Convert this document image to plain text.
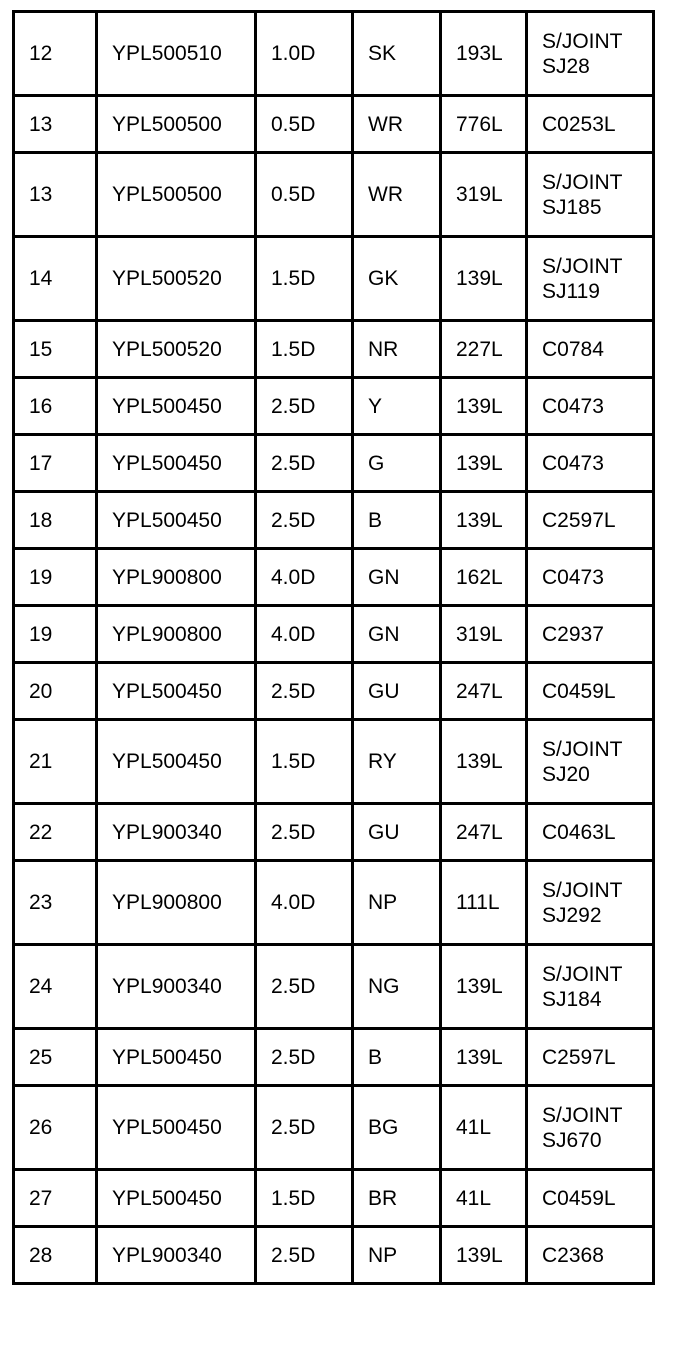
12	YPL500510	1.0D	SK	193L	S/JOINT
SJ28

13	YPL500500	0.5D	WR	776L	C0253L

13	YPL500500	0.5D	WR	319L	S/JOINT
SJ185

14	YPL500520	1.5D	GK	139L	S/JOINT
SJ119

15	YPL500520	1.5D	NR	227L	C0784

16	YPL500450	2.5D	Y	139L	C0473

17	YPL500450	2.5D	G	139L	C0473

18	YPL500450	2.5D	B	139L	C2597L

19	YPL900800	4.0D	GN	162L	C0473

19	YPL900800	4.0D	GN	319L	C2937

20	YPL500450	2.5D	GU	247L	C0459L

21	YPL500450	1.5D	RY	139L	S/JOINT
SJ20

22	YPL900340	2.5D	GU	247L	C0463L

23	YPL900800	4.0D	NP	111L	S/JOINT
SJ292

24	YPL900340	2.5D	NG	139L	S/JOINT
SJ184

25	YPL500450	2.5D	B	139L	C2597L

26	YPL500450	2.5D	BG	41L	S/JOINT
SJ670

27	YPL500450	1.5D	BR	41L	C0459L

28	YPL900340	2.5D	NP	139L	C2368
